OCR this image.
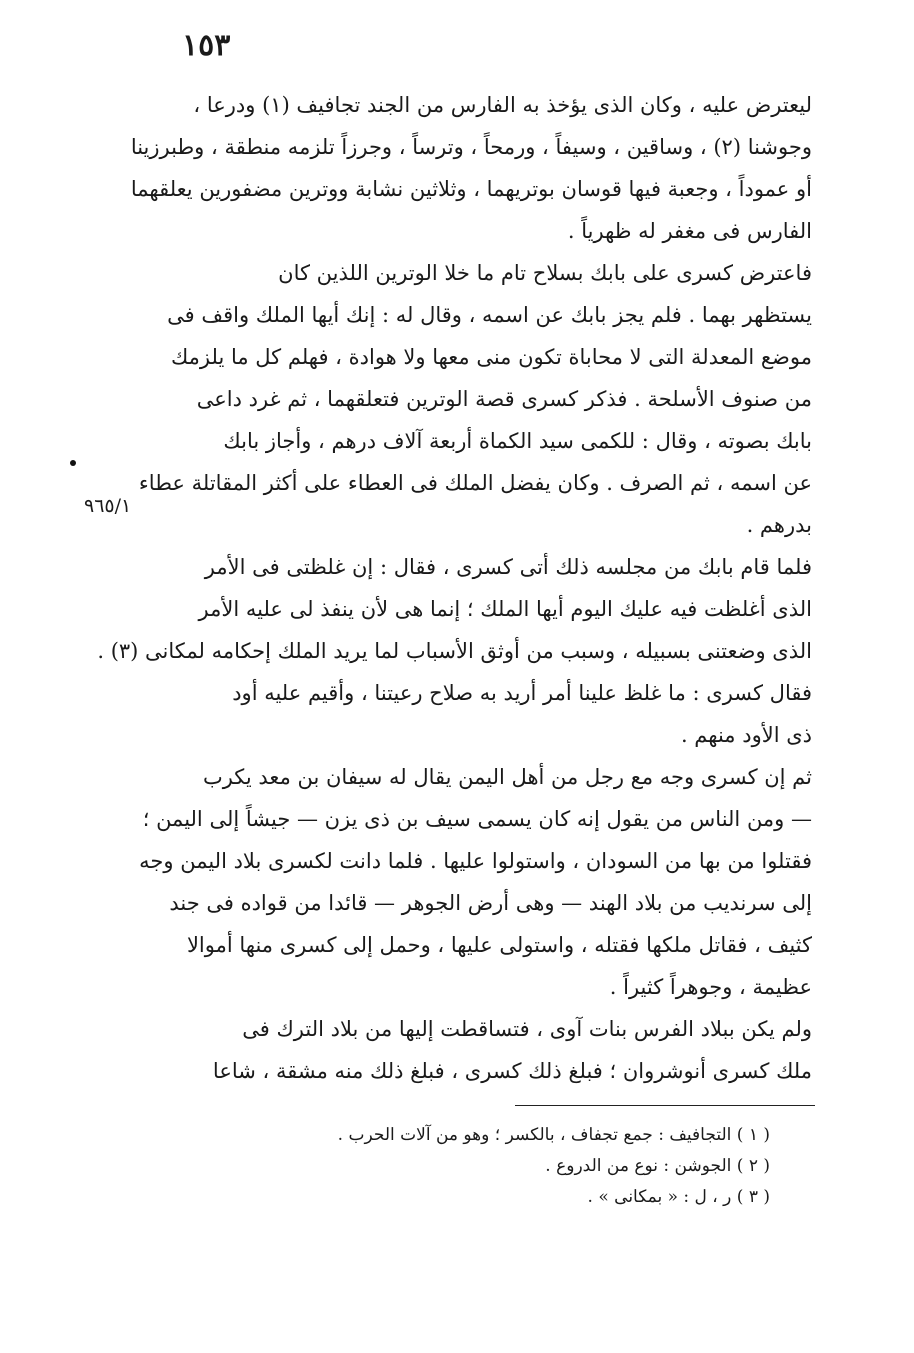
١٥٣
٩٦٥/١
ليعترض عليه ، وكان الذى يؤخذ به الفارس من الجند تجافيف (١) ودرعا ،
وجوشنا (٢) ، وساقين ، وسيفاً ، ورمحاً ، وترساً ، وجرزاً تلزمه منطقة ، وطبرزينا
أو عموداً ، وجعبة فيها قوسان بوتريهما ، وثلاثين نشابة ووترين مضفورين يعلقهما
الفارس فى مغفر له ظهرياً .
فاعترض كسرى على بابك بسلاح تام ما خلا الوترين اللذين كان
يستظهر بهما . فلم يجز بابك عن اسمه ، وقال له : إنك أيها الملك واقف فى
موضع المعدلة التى لا محاباة تكون منى معها ولا هوادة ، فهلم كل ما يلزمك
من صنوف الأسلحة . فذكر كسرى قصة الوترين فتعلقهما ، ثم غرد داعى
بابك بصوته ، وقال : للكمى سيد الكماة أربعة آلاف درهم ، وأجاز بابك
عن اسمه ، ثم الصرف . وكان يفضل الملك فى العطاء على أكثر المقاتلة عطاء
بدرهم .
فلما قام بابك من مجلسه ذلك أتى كسرى ، فقال : إن غلظتى فى الأمر
الذى أغلظت فيه عليك اليوم أيها الملك ؛ إنما هى لأن ينفذ لى عليه الأمر
الذى وضعتنى بسبيله ، وسبب من أوثق الأسباب لما يريد الملك إحكامه لمكانى (٣) .
فقال كسرى : ما غلظ علينا أمر أريد به صلاح رعيتنا ، وأقيم عليه أود
ذى الأود منهم .
ثم إن كسرى وجه مع رجل من أهل اليمن يقال له سيفان بن معد يكرب
— ومن الناس من يقول إنه كان يسمى سيف بن ذى يزن — جيشاً إلى اليمن ؛
فقتلوا من بها من السودان ، واستولوا عليها . فلما دانت لكسرى بلاد اليمن وجه
إلى سرنديب من بلاد الهند — وهى أرض الجوهر — قائدا من قواده فى جند
كثيف ، فقاتل ملكها فقتله ، واستولى عليها ، وحمل إلى كسرى منها أموالا
عظيمة ، وجوهراً كثيراً .
ولم يكن ببلاد الفرس بنات آوى ، فتساقطت إليها من بلاد الترك فى
ملك كسرى أنوشروان ؛ فبلغ ذلك كسرى ، فبلغ ذلك منه مشقة ، شاعا
( ١ ) التجافيف : جمع تجفاف ، بالكسر ؛ وهو من آلات الحرب .
( ٢ ) الجوشن : نوع من الدروع .
( ٣ ) ر ، ل : « بمكانى » .
